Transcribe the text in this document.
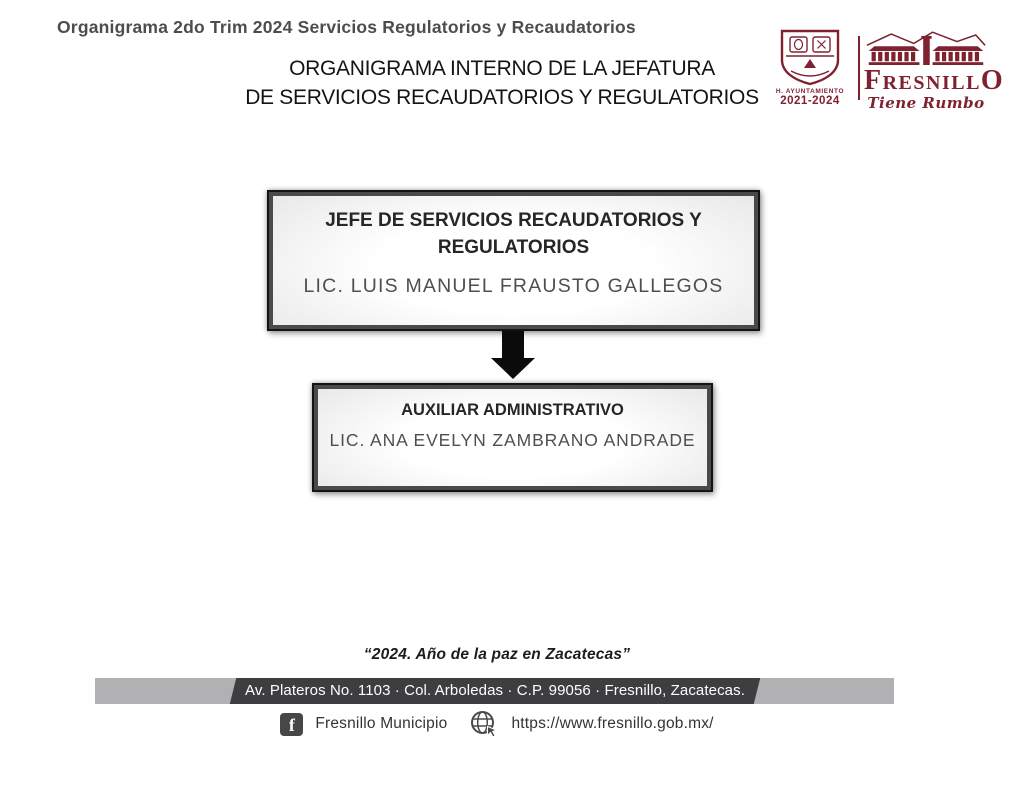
Organigrama 2do Trim 2024 Servicios Regulatorios y Recaudatorios
ORGANIGRAMA INTERNO DE LA JEFATURA
DE SERVICIOS RECAUDATORIOS Y REGULATORIOS	H. AYUNTAMIENTO
2021-2024
FRESNILLO
Tiene Rumbo
JEFE DE SERVICIOS RECAUDATORIOS Y REGULATORIOS
LIC. LUIS MANUEL FRAUSTO GALLEGOS
AUXILIAR ADMINISTRATIVO
LIC. ANA EVELYN ZAMBRANO ANDRADE
“2024. Año de la paz en Zacatecas”
Av. Plateros No. 1103 · Col. Arboledas · C.P. 99056 · Fresnillo, Zacatecas.
f	Fresnillo Municipio	https://www.fresnillo.gob.mx/
